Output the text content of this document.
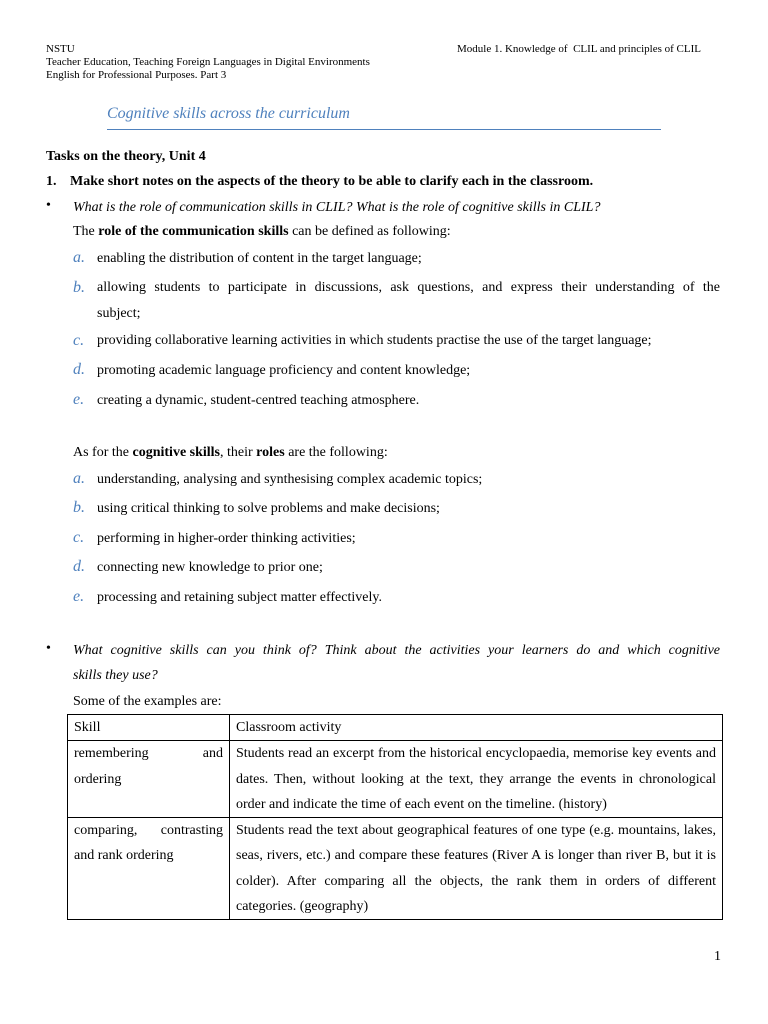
NSTU
Teacher Education, Teaching Foreign Languages in Digital Environments
English for Professional Purposes. Part 3
Module 1. Knowledge of  CLIL and principles of CLIL
Cognitive skills across the curriculum
Tasks on the theory, Unit 4
1. Make short notes on the aspects of the theory to be able to clarify each in the classroom.
• What is the role of communication skills in CLIL? What is the role of cognitive skills in CLIL?
The role of the communication skills can be defined as following:
a. enabling the distribution of content in the target language;
b. allowing students to participate in discussions, ask questions, and express their understanding of the
subject;
c. providing collaborative learning activities in which students practise the use of the target language;
d. promoting academic language proficiency and content knowledge;
e. creating a dynamic, student-centred teaching atmosphere.
As for the cognitive skills, their roles are the following:
a. understanding, analysing and synthesising complex academic topics;
b. using critical thinking to solve problems and make decisions;
c. performing in higher-order thinking activities;
d. connecting new knowledge to prior one;
e. processing and retaining subject matter effectively.
• What cognitive skills can you think of? Think about the activities your learners do and which cognitive
skills they use?
Some of the examples are:
Skill	Classroom activity
remembering and ordering	Students read an excerpt from the historical encyclopaedia, memorise key events and dates. Then, without looking at the text, they arrange the events in chronological order and indicate the time of each event on the timeline. (history)
comparing, contrasting and rank ordering	Students read the text about geographical features of one type (e.g. mountains, lakes, seas, rivers, etc.) and compare these features (River A is longer than river B, but it is colder). After comparing all the objects, the rank them in orders of different categories. (geography)
1
